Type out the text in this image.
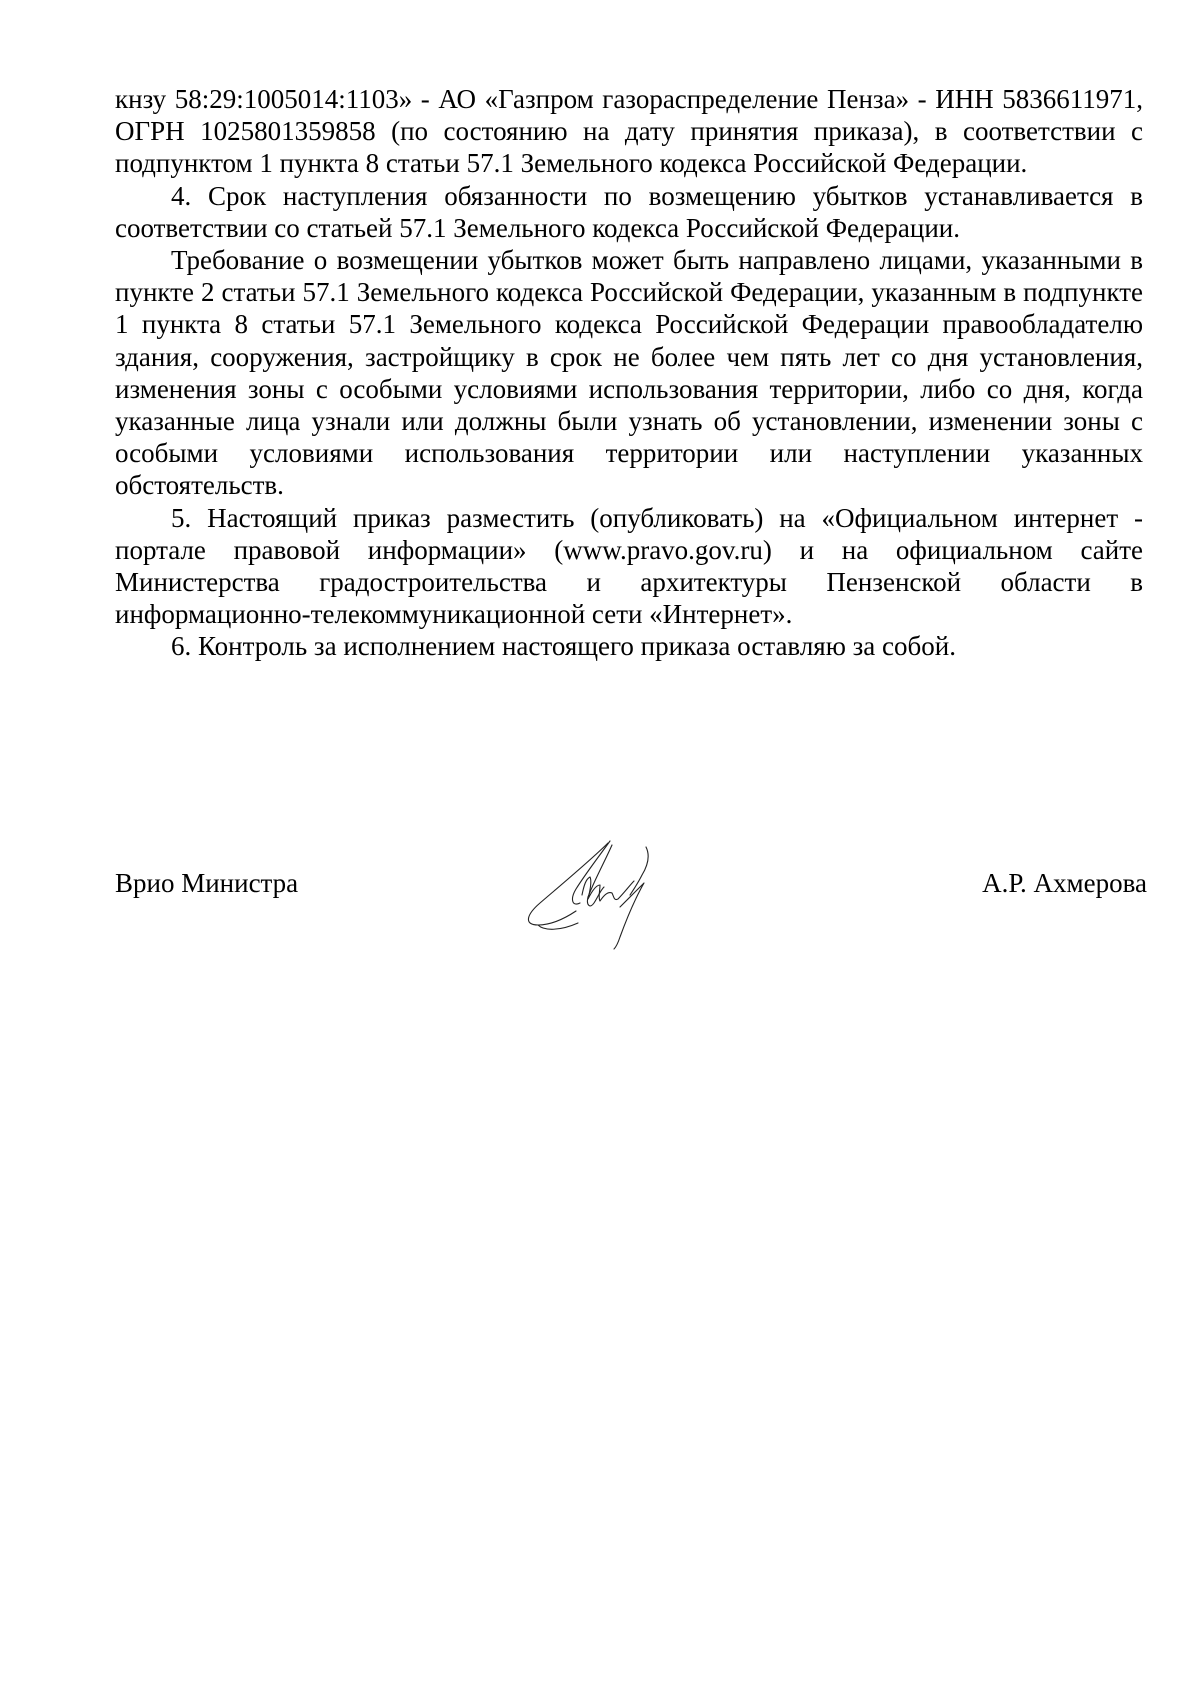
кнзу 58:29:1005014:1103» - АО «Газпром газораспределение Пенза» - ИНН 5836611971, ОГРН 1025801359858 (по состоянию на дату принятия приказа), в соответствии с подпунктом 1 пункта 8 статьи 57.1 Земельного кодекса Российской Федерации.

4. Срок наступления обязанности по возмещению убытков устанавливается в соответствии со статьей 57.1 Земельного кодекса Российской Федерации.

Требование о возмещении убытков может быть направлено лицами, указанными в пункте 2 статьи 57.1 Земельного кодекса Российской Федерации, указанным в подпункте 1 пункта 8 статьи 57.1 Земельного кодекса Российской Федерации правообладателю здания, сооружения, застройщику в срок не более чем пять лет со дня установления, изменения зоны с особыми условиями использования территории, либо со дня, когда указанные лица узнали или должны были узнать об установлении, изменении зоны с особыми условиями использования территории или наступлении указанных обстоятельств.

5. Настоящий приказ разместить (опубликовать) на «Официальном интернет - портале правовой информации» (www.pravo.gov.ru) и на официальном сайте Министерства градостроительства и архитектуры Пензенской области в информационно-телекоммуникационной сети «Интернет».

6. Контроль за исполнением настоящего приказа оставляю за собой.

Врио Министра	А.Р. Ахмерова
